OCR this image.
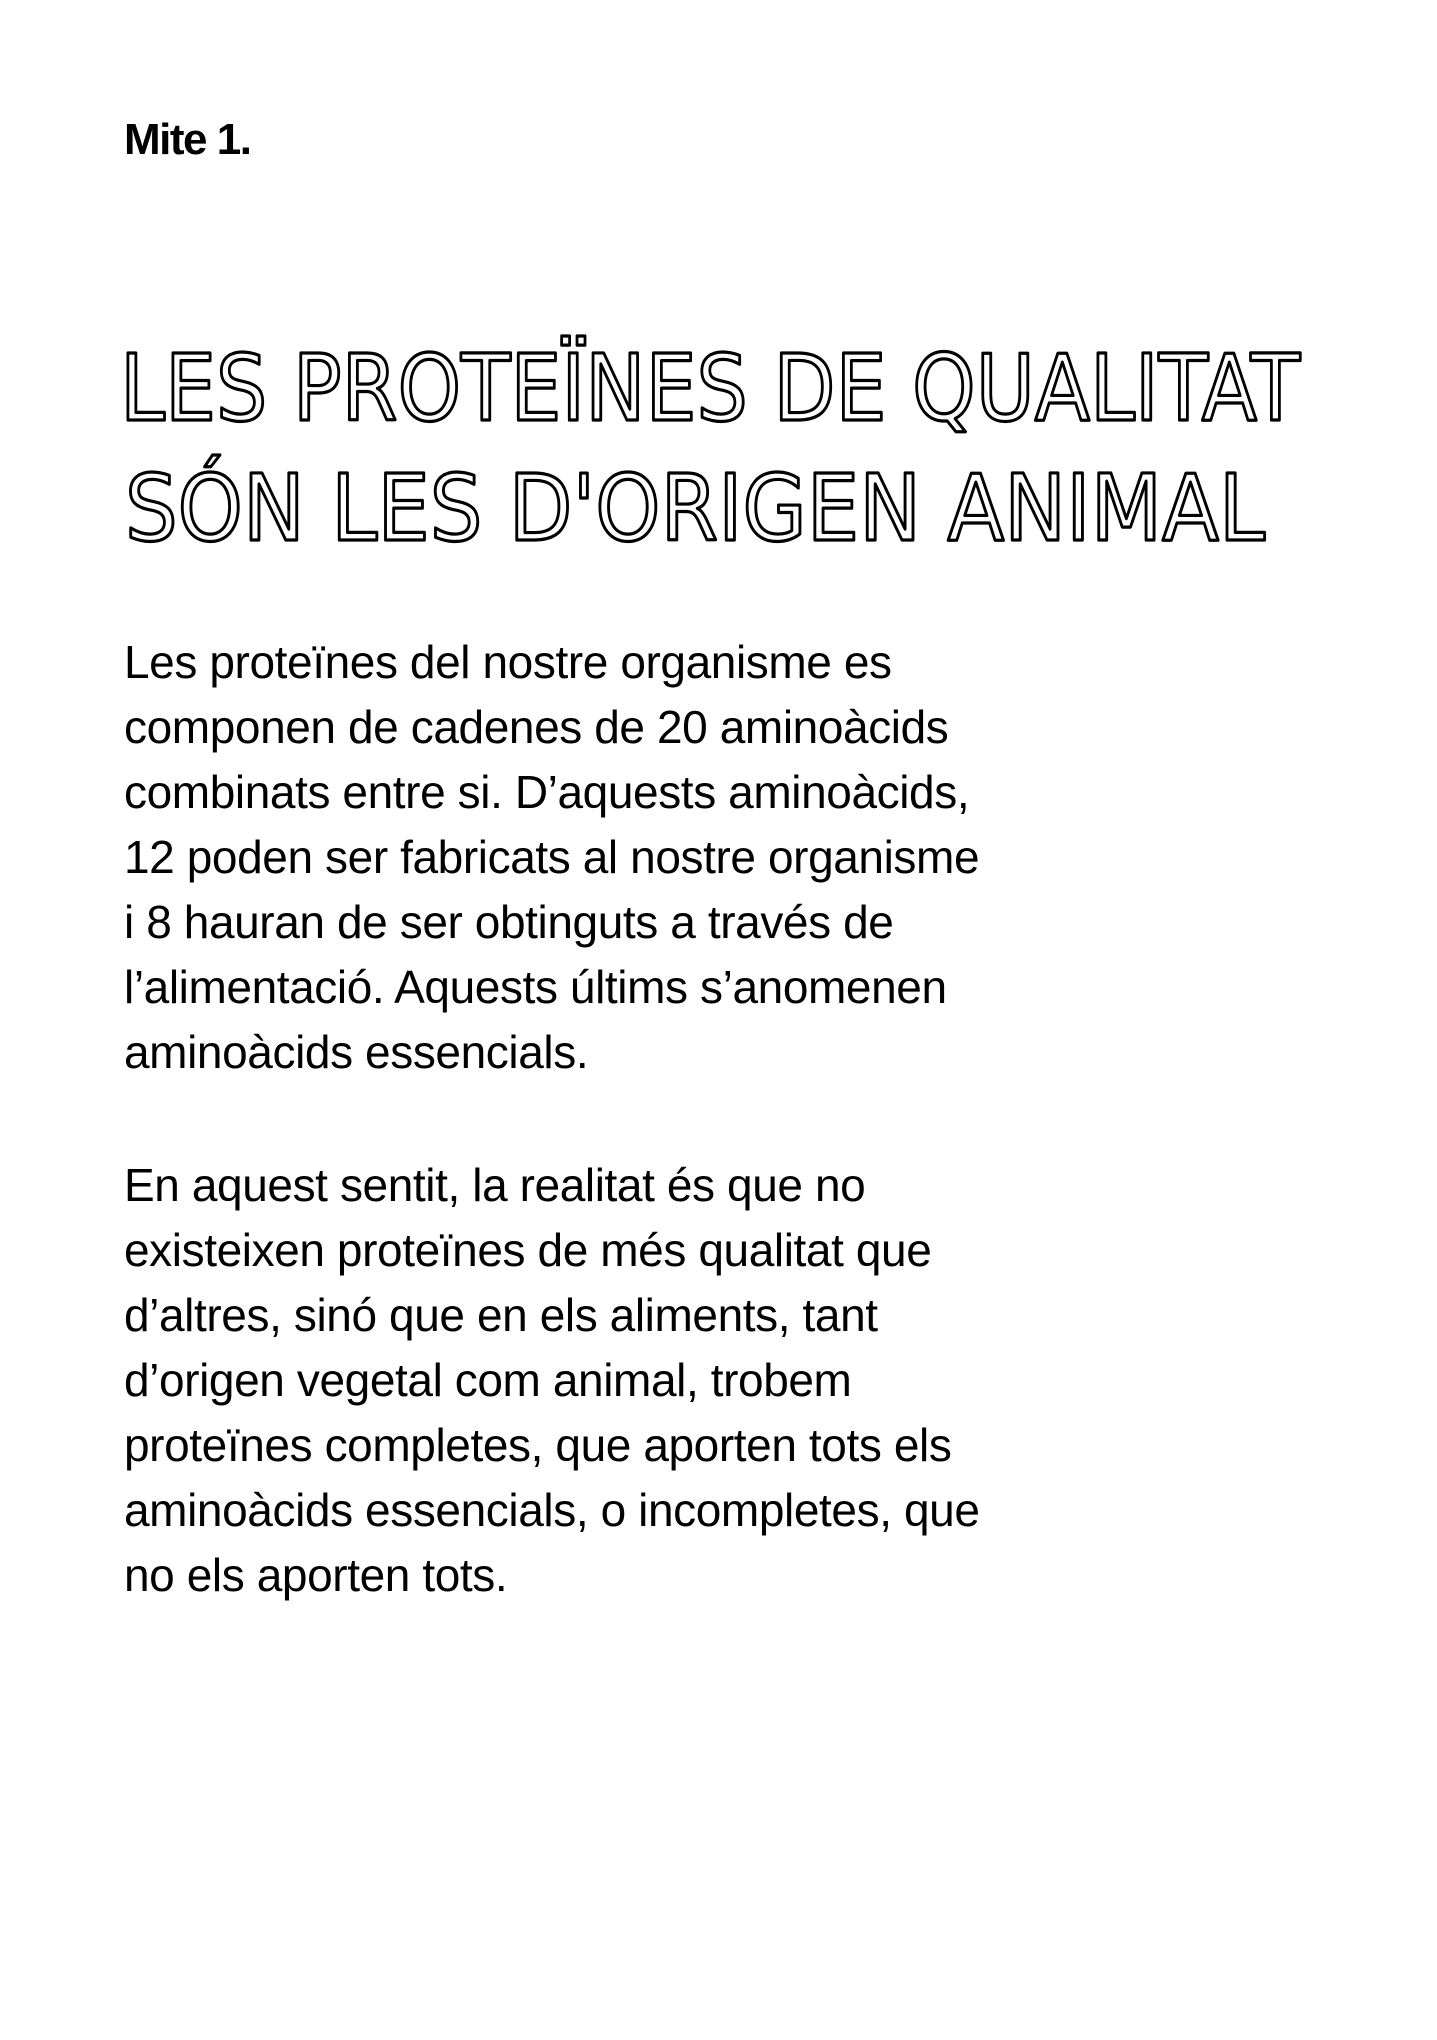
Mite 1.
LES PROTEÏNES DE QUALITAT
SÓN LES D'ORIGEN ANIMAL

Les proteïnes del nostre organisme es
componen de cadenes de 20 aminoàcids
combinats entre si. D’aquests aminoàcids,
12 poden ser fabricats al nostre organisme
i 8 hauran de ser obtinguts a través de
l’alimentació. Aquests últims s’anomenen
aminoàcids essencials.

En aquest sentit, la realitat és que no
existeixen proteïnes de més qualitat que
d’altres, sinó que en els aliments, tant
d’origen vegetal com animal, trobem
proteïnes completes, que aporten tots els
aminoàcids essencials, o incompletes, que
no els aporten tots.
